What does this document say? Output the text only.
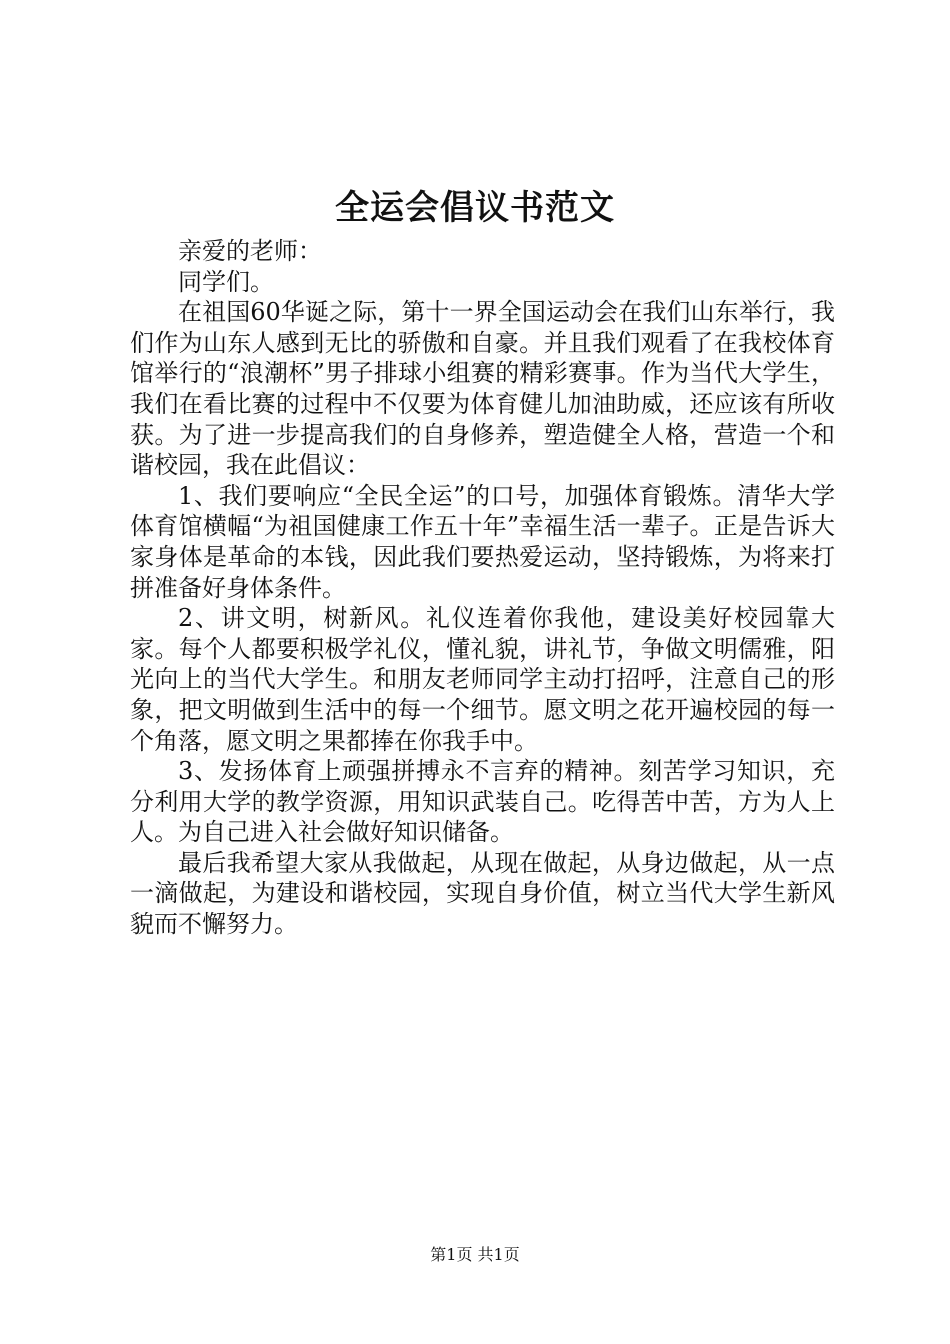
全运会倡议书范文

亲爱的老师：

同学们。

在祖国60华诞之际，第十一界全国运动会在我们山东举行，我们作为山东人感到无比的骄傲和自豪。并且我们观看了在我校体育馆举行的“浪潮杯”男子排球小组赛的精彩赛事。作为当代大学生，我们在看比赛的过程中不仅要为体育健儿加油助威，还应该有所收获。为了进一步提高我们的自身修养，塑造健全人格，营造一个和谐校园，我在此倡议：

1、我们要响应“全民全运”的口号，加强体育锻炼。清华大学体育馆横幅“为祖国健康工作五十年”幸福生活一辈子。正是告诉大家身体是革命的本钱，因此我们要热爱运动，坚持锻炼，为将来打拼准备好身体条件。

2、讲文明，树新风。礼仪连着你我他，建设美好校园靠大家。每个人都要积极学礼仪，懂礼貌，讲礼节，争做文明儒雅，阳光向上的当代大学生。和朋友老师同学主动打招呼，注意自己的形象，把文明做到生活中的每一个细节。愿文明之花开遍校园的每一个角落，愿文明之果都捧在你我手中。

3、发扬体育上顽强拼搏永不言弃的精神。刻苦学习知识，充分利用大学的教学资源，用知识武装自己。吃得苦中苦，方为人上人。为自己进入社会做好知识储备。

最后我希望大家从我做起，从现在做起，从身边做起，从一点一滴做起，为建设和谐校园，实现自身价值，树立当代大学生新风貌而不懈努力。

第1页 共1页
